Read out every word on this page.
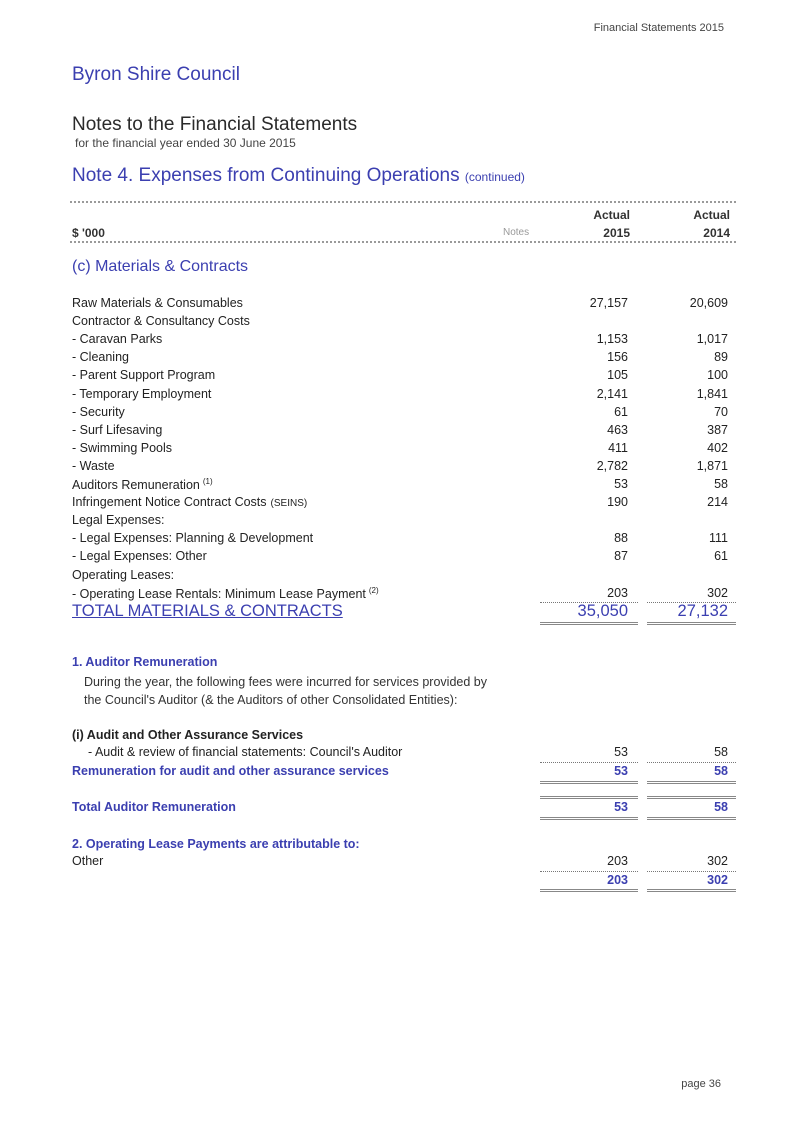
Financial Statements 2015
Byron Shire Council
Notes to the Financial Statements
for the financial year ended 30 June 2015
Note 4. Expenses from Continuing Operations (continued)
Actual	Actual
$ '000	Notes	2015	2014
(c) Materials & Contracts
Raw Materials & Consumables	27,157	20,609
Contractor & Consultancy Costs
- Caravan Parks	1,153	1,017
- Cleaning	156	89
- Parent Support Program	105	100
- Temporary Employment	2,141	1,841
- Security	61	70
- Surf Lifesaving	463	387
- Swimming Pools	411	402
- Waste	2,782	1,871
Auditors Remuneration $^{(1)}$	53	58
Infringement Notice Contract Costs (SEINS)	190	214
Legal Expenses:
- Legal Expenses: Planning & Development	88	111
- Legal Expenses: Other	87	61
Operating Leases:
- Operating Lease Rentals: Minimum Lease Payment $^{(2)}$	203	302
TOTAL MATERIALS & CONTRACTS	35,050	27,132
1. Auditor Remuneration
During the year, the following fees were incurred for services provided by
the Council's Auditor (& the Auditors of other Consolidated Entities):
(i) Audit and Other Assurance Services
- Audit & review of financial statements: Council's Auditor	53	58
Remuneration for audit and other assurance services	53	58
Total Auditor Remuneration	53	58
2. Operating Lease Payments are attributable to:
Other	203	302
203	302
page 36
